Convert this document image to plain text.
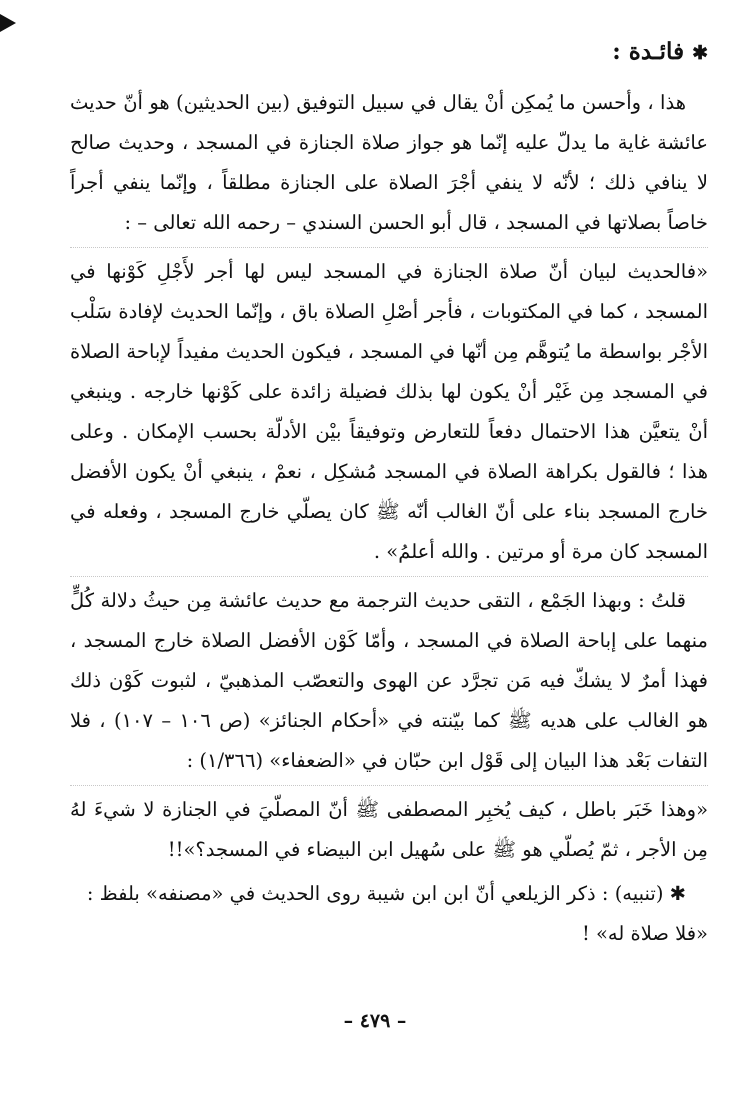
✱ فائـدة :

هذا ، وأحسن ما يُمكِن أنْ يقال في سبيل التوفيق (بين الحديثين) هو أنّ حديث عائشة غاية ما يدلّ عليه إنّما هو جواز صلاة الجنازة في المسجد ، وحديث صالح لا ينافي ذلك ؛ لأنّه لا ينفي أجْرَ الصلاة على الجنازة مطلقاً ، وإنّما ينفي أجراً خاصاً بصلاتها في المسجد ، قال أبو الحسن السندي – رحمه الله تعالى – :

«فالحديث لبيان أنّ صلاة الجنازة في المسجد ليس لها أجر لأَجْلِ كَوْنها في المسجد ، كما في المكتوبات ، فأجر أصْلِ الصلاة باق ، وإنّما الحديث لإفادة سَلْب الأجْر بواسطة ما يُتوهَّم مِن أنّها في المسجد ، فيكون الحديث مفيداً لإباحة الصلاة في المسجد مِن غَيْر أنْ يكون لها بذلك فضيلة زائدة على كَوْنها خارجه . وينبغي أنْ يتعيَّن هذا الاحتمال دفعاً للتعارض وتوفيقاً بيْن الأدلّة بحسب الإمكان . وعلى هذا ؛ فالقول بكراهة الصلاة في المسجد مُشكِل ، نعمْ ، ينبغي أنْ يكون الأفضل خارج المسجد بناء على أنّ الغالب أنّه ﷺ كان يصلّي خارج المسجد ، وفعله في المسجد كان مرة أو مرتين . والله أعلمُ» .

قلتُ : وبهذا الجَمْع ، التقى حديث الترجمة مع حديث عائشة مِن حيثُ دلالة كُلٍّ منهما على إباحة الصلاة في المسجد ، وأمّا كَوْن الأفضل الصلاة خارج المسجد ، فهذا أمرٌ لا يشكّ فيه مَن تجرَّد عن الهوى والتعصّب المذهبيّ ، لثبوت كَوْن ذلك هو الغالب على هديه ﷺ كما بيّنته في «أحكام الجنائز» (ص ١٠٦ – ١٠٧) ، فلا التفات بَعْد هذا البيان إلى قَوْل ابن حبّان في «الضعفاء» (١/٣٦٦) :

«وهذا خَبَر باطل ، كيف يُخبِر المصطفى ﷺ أنّ المصلّيَ في الجنازة لا شيءَ لهُ مِن الأجر ، ثمّ يُصلّي هو ﷺ على سُهيل ابن البيضاء في المسجد؟»!!

✱ (تنبيه) : ذكر الزيلعي أنّ ابن ابن شيبة روى الحديث في «مصنفه» بلفظ :

«فلا صلاة له» !

– ٤٧٩ –
